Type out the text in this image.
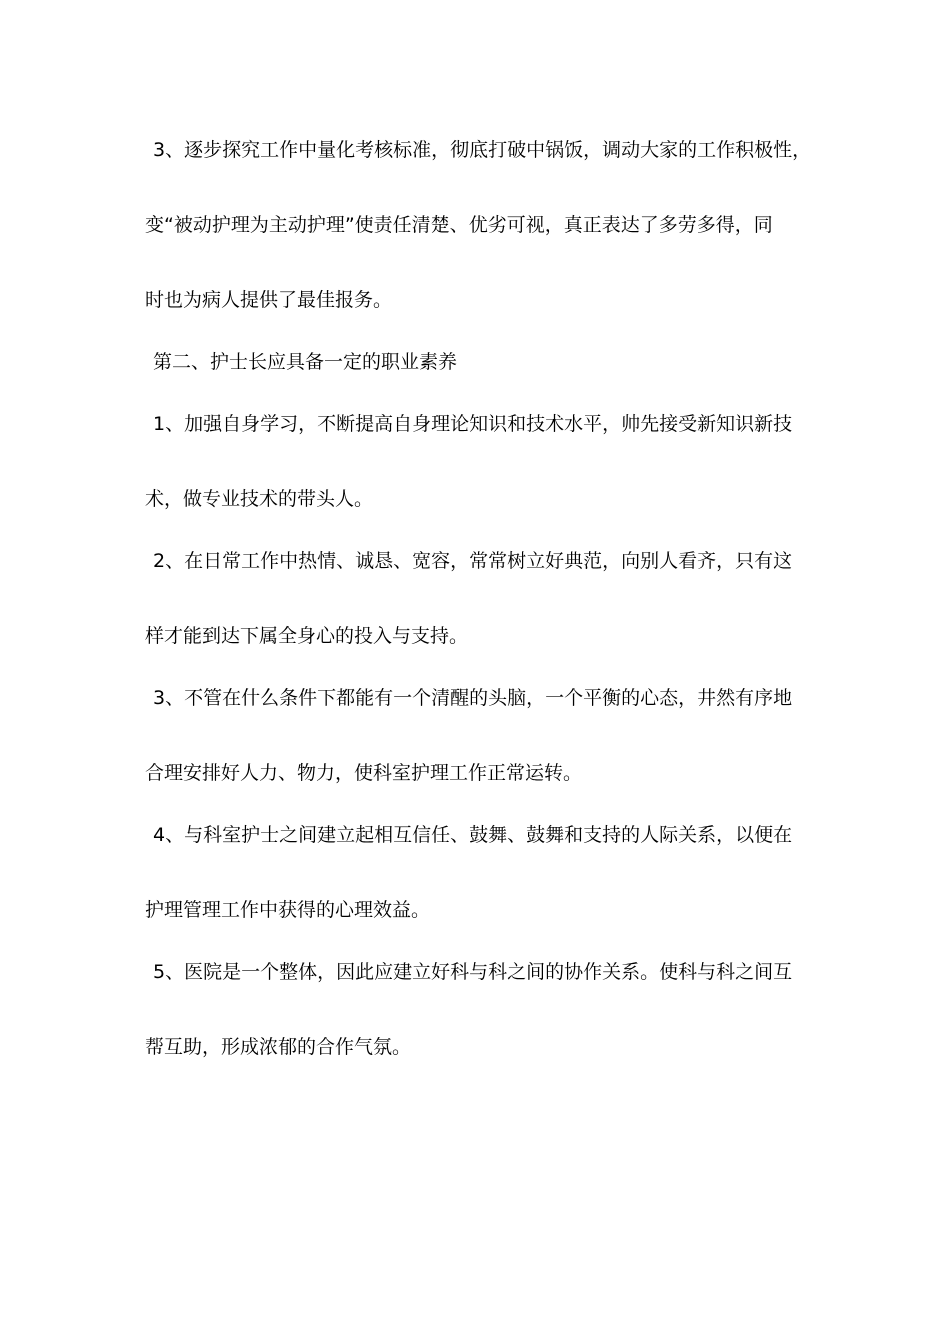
3、逐步探究工作中量化考核标准，彻底打破中锅饭，调动大家的工作积极性，
变“被动护理为主动护理”使责任清楚、优劣可视，真正表达了多劳多得，同
时也为病人提供了最佳报务。
第二、护士长应具备一定的职业素养
1、加强自身学习，不断提高自身理论知识和技术水平，帅先接受新知识新技
术，做专业技术的带头人。
2、在日常工作中热情、诚恳、宽容，常常树立好典范，向别人看齐，只有这
样才能到达下属全身心的投入与支持。
3、不管在什么条件下都能有一个清醒的头脑，一个平衡的心态，井然有序地
合理安排好人力、物力，使科室护理工作正常运转。
4、与科室护士之间建立起相互信任、鼓舞、鼓舞和支持的人际关系，以便在
护理管理工作中获得的心理效益。
5、医院是一个整体，因此应建立好科与科之间的协作关系。使科与科之间互
帮互助，形成浓郁的合作气氛。
